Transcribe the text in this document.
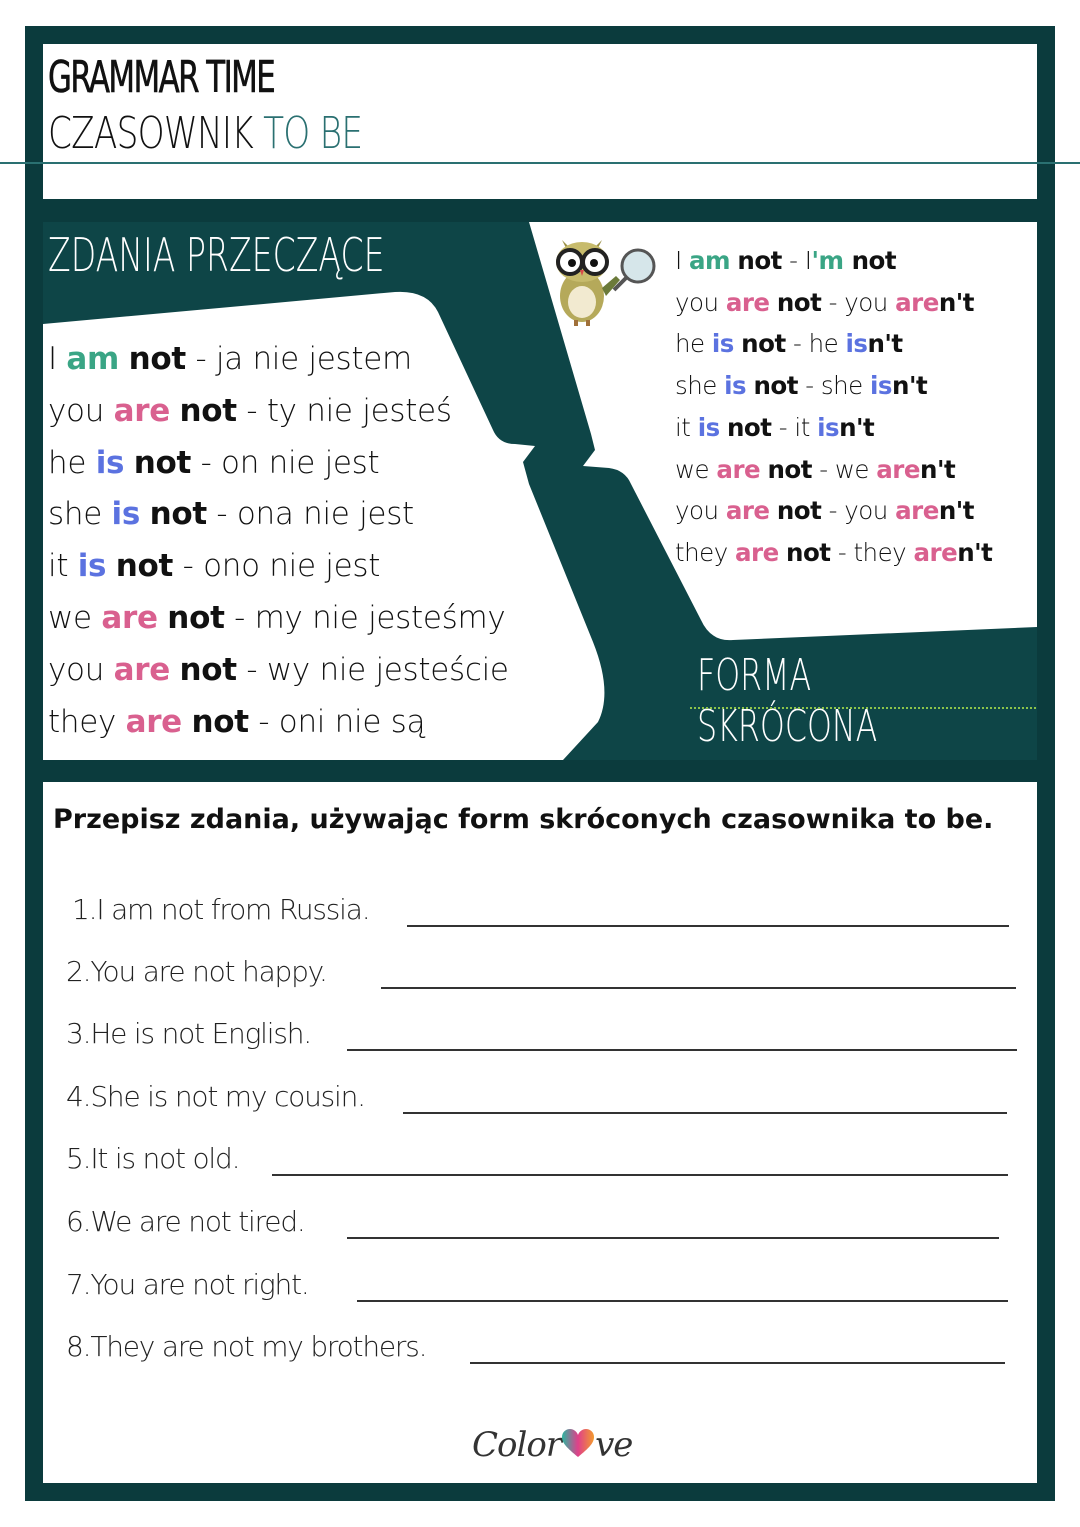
GRAMMAR TIME
CZASOWNIK TO BE
ZDANIA PRZECZĄCE
I am not - ja nie jestem
you are not - ty nie jesteś
he is not - on nie jest
she is not - ona nie jest
it is not - ono nie jest
we are not - my nie jesteśmy
you are not - wy nie jesteście
they are not - oni nie są
I am not - I'm not
you are not - you aren't
he is not - he isn't
she is not - she isn't
it is not - it isn't
we are not - we aren't
you are not - you aren't
they are not - they aren't
FORMA SKRÓCONA
Przepisz zdania, używając form skróconych czasownika to be.
1.I am not from Russia.
2.You are not happy.
3.He is not English.
4.She is not my cousin.
5.It is not old.
6.We are not tired.
7.You are not right.
8.They are not my brothers.
Color ve
